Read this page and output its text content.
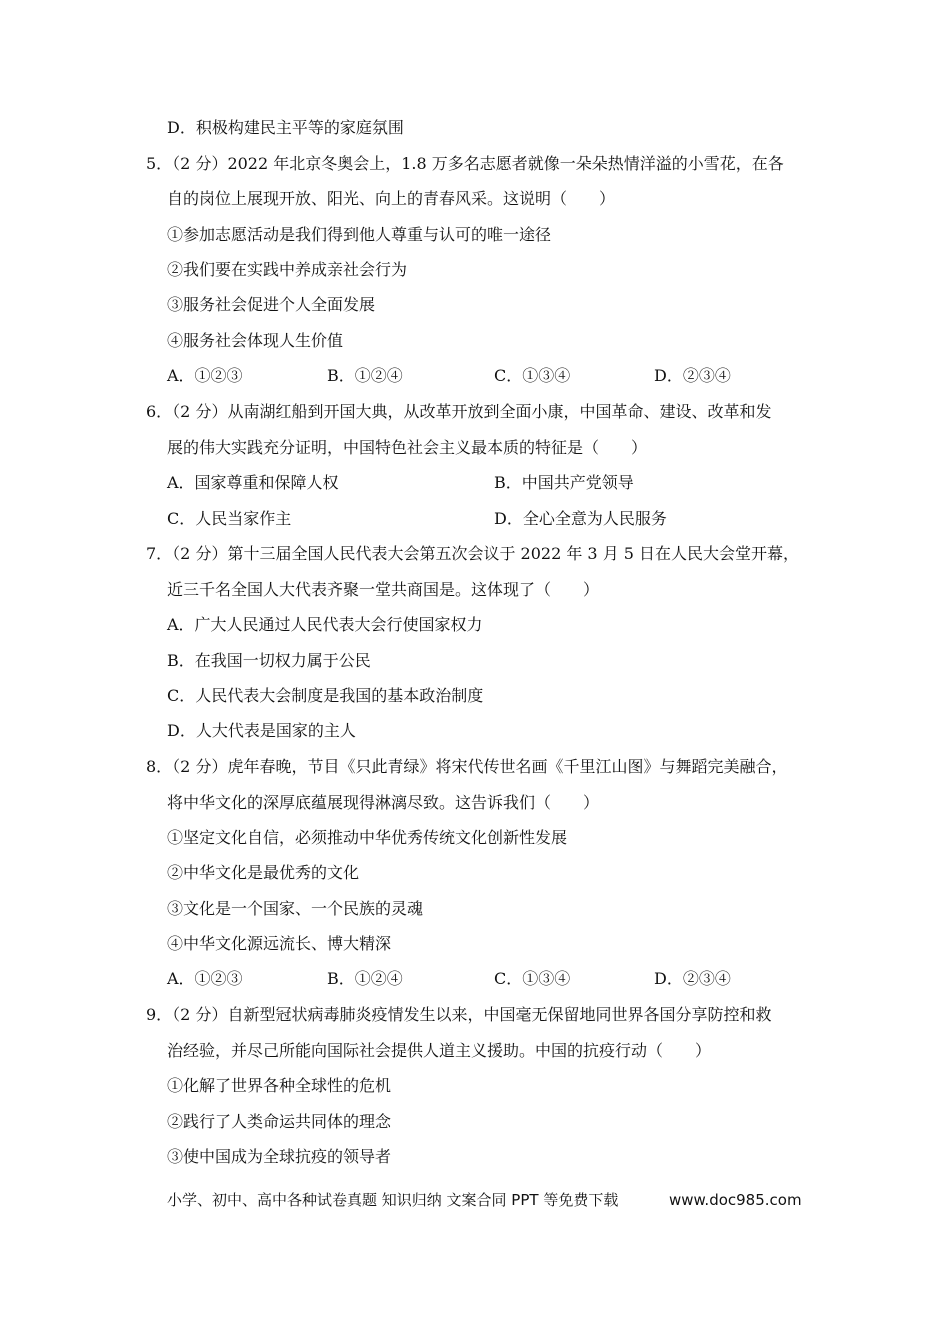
D．积极构建民主平等的家庭氛围
5．（2 分）2022 年北京冬奥会上，1.8 万多名志愿者就像一朵朵热情洋溢的小雪花，在各
自的岗位上展现开放、阳光、向上的青春风采。这说明（　　）
①参加志愿活动是我们得到他人尊重与认可的唯一途径
②我们要在实践中养成亲社会行为
③服务社会促进个人全面发展
④服务社会体现人生价值
A．①②③	B．①②④	C．①③④	D．②③④
6．（2 分）从南湖红船到开国大典，从改革开放到全面小康，中国革命、建设、改革和发
展的伟大实践充分证明，中国特色社会主义最本质的特征是（　　）
A．国家尊重和保障人权	B．中国共产党领导
C．人民当家作主	D．全心全意为人民服务
7．（2 分）第十三届全国人民代表大会第五次会议于 2022 年 3 月 5 日在人民大会堂开幕，
近三千名全国人大代表齐聚一堂共商国是。这体现了（　　）
A．广大人民通过人民代表大会行使国家权力
B．在我国一切权力属于公民
C．人民代表大会制度是我国的基本政治制度
D．人大代表是国家的主人
8．（2 分）虎年春晚，节目《只此青绿》将宋代传世名画《千里江山图》与舞蹈完美融合，
将中华文化的深厚底蕴展现得淋漓尽致。这告诉我们（　　）
①坚定文化自信，必须推动中华优秀传统文化创新性发展
②中华文化是最优秀的文化
③文化是一个国家、一个民族的灵魂
④中华文化源远流长、博大精深
A．①②③	B．①②④	C．①③④	D．②③④
9．（2 分）自新型冠状病毒肺炎疫情发生以来，中国毫无保留地同世界各国分享防控和救
治经验，并尽己所能向国际社会提供人道主义援助。中国的抗疫行动（　　）
①化解了世界各种全球性的危机
②践行了人类命运共同体的理念
③使中国成为全球抗疫的领导者
小学、初中、高中各种试卷真题 知识归纳 文案合同 PPT 等免费下载	www.doc985.com
